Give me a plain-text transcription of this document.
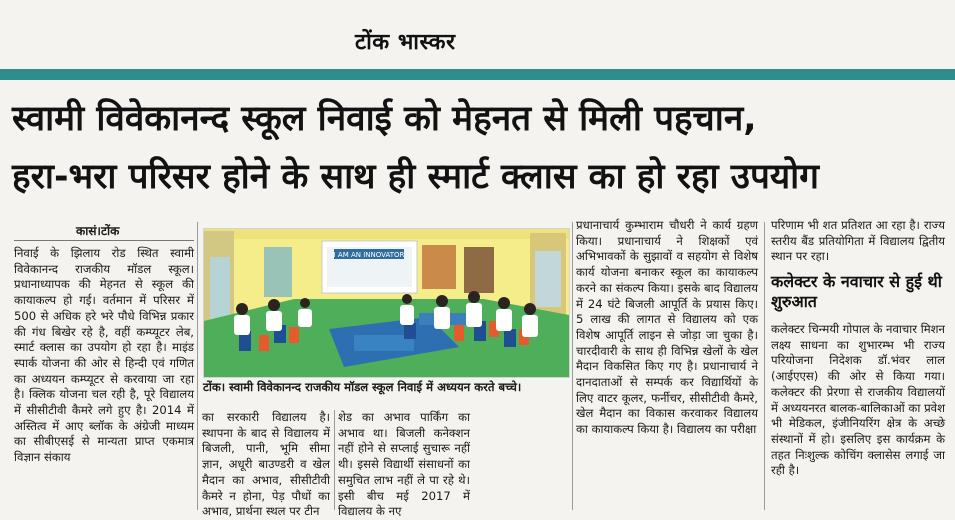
टोंक भास्कर
स्वामी विवेकानन्द स्कूल निवाई को मेहनत से मिली पहचान,
हरा-भरा परिसर होने के साथ ही स्मार्ट क्लास का हो रहा उपयोग
कासं।टोंक

निवाई के झिलाय रोड स्थित स्वामी विवेकानन्द राजकीय मॉडल स्कूल। प्रधानाध्यापक की मेहनत से स्कूल की कायाकल्प हो गई। वर्तमान में परिसर में 500 से अधिक हरे भरे पौधे विभिन्न प्रकार की गंध बिखेर रहे है, वहीं कम्प्यूटर लेब, स्मार्ट क्लास का उपयोग हो रहा है। माइंड स्पार्क योजना की ओर से हिन्दी एवं गणित का अध्ययन कम्प्यूटर से करवाया जा रहा है। क्लिक योजना चल रही है, पूरे विद्यालय में सीसीटीवी कैमरे लगे हुए है। 2014 में अस्तित्व में आए ब्लॉक के अंग्रेजी माध्यम का सीबीएसई से मान्यता प्राप्त एकमात्र विज्ञान संकाय

I AM AN INNOVATOR
टोंक। स्वामी विवेकानन्द राजकीय मॉडल स्कूल निवाई में अध्ययन करते बच्चे।

का सरकारी विद्यालय है। स्थापना के बाद से विद्यालय में बिजली, पानी, भूमि सीमा ज्ञान, अधूरी बाउण्डरी व खेल मैदान का अभाव, सीसीटीवी कैमरे न होना, पेड़ पौधों का अभाव, प्रार्थना स्थल पर टीन

शेड का अभाव पार्किंग का अभाव था। बिजली कनेक्शन नहीं होने से सप्लाई सुचारू नहीं थी। इससे विद्यार्थी संसाधनों का समुचित लाभ नहीं ले पा रहे थे। इसी बीच मई 2017 में विद्यालय के नए

प्रधानाचार्य कुम्भाराम चौधरी ने कार्य ग्रहण किया। प्रधानाचार्य ने शिक्षकों एवं अभिभावकों के सुझावों व सहयोग से विशेष कार्य योजना बनाकर स्कूल का कायाकल्प करने का संकल्प किया। इसके बाद विद्यालय में 24 घंटे बिजली आपूर्ति के प्रयास किए। 5 लाख की लागत से विद्यालय को एक विशेष आपूर्ति लाइन से जोड़ा जा चुका है। चारदीवारी के साथ ही विभिन्न खेलों के खेल मैदान विकसित किए गए है। प्रधानाचार्य ने दानदाताओं से सम्पर्क कर विद्यार्थियों के लिए वाटर कूलर, फर्नीचर, सीसीटीवी कैमरे, खेल मैदान का विकास करवाकर विद्यालय का कायाकल्प किया है। विद्यालय का परीक्षा

परिणाम भी शत प्रतिशत आ रहा है। राज्य स्तरीय बैंड प्रतियोगिता में विद्यालय द्वितीय स्थान पर रहा।

कलेक्टर के नवाचार से हुई थी शुरुआत

कलेक्टर चिन्मयी गोपाल के नवाचार मिशन लक्ष्य साधना का शुभारम्भ भी राज्य परियोजना निदेशक डॉ.भंवर लाल (आईएएस) की ओर से किया गया। कलेक्टर की प्रेरणा से राजकीय विद्यालयों में अध्ययनरत बालक-बालिकाओं का प्रवेश भी मेडिकल, इंजीनियरिंग क्षेत्र के अच्छे संस्थानों में हो। इसलिए इस कार्यक्रम के तहत निःशुल्क कोचिंग क्लासेस लगाई जा रही है।
